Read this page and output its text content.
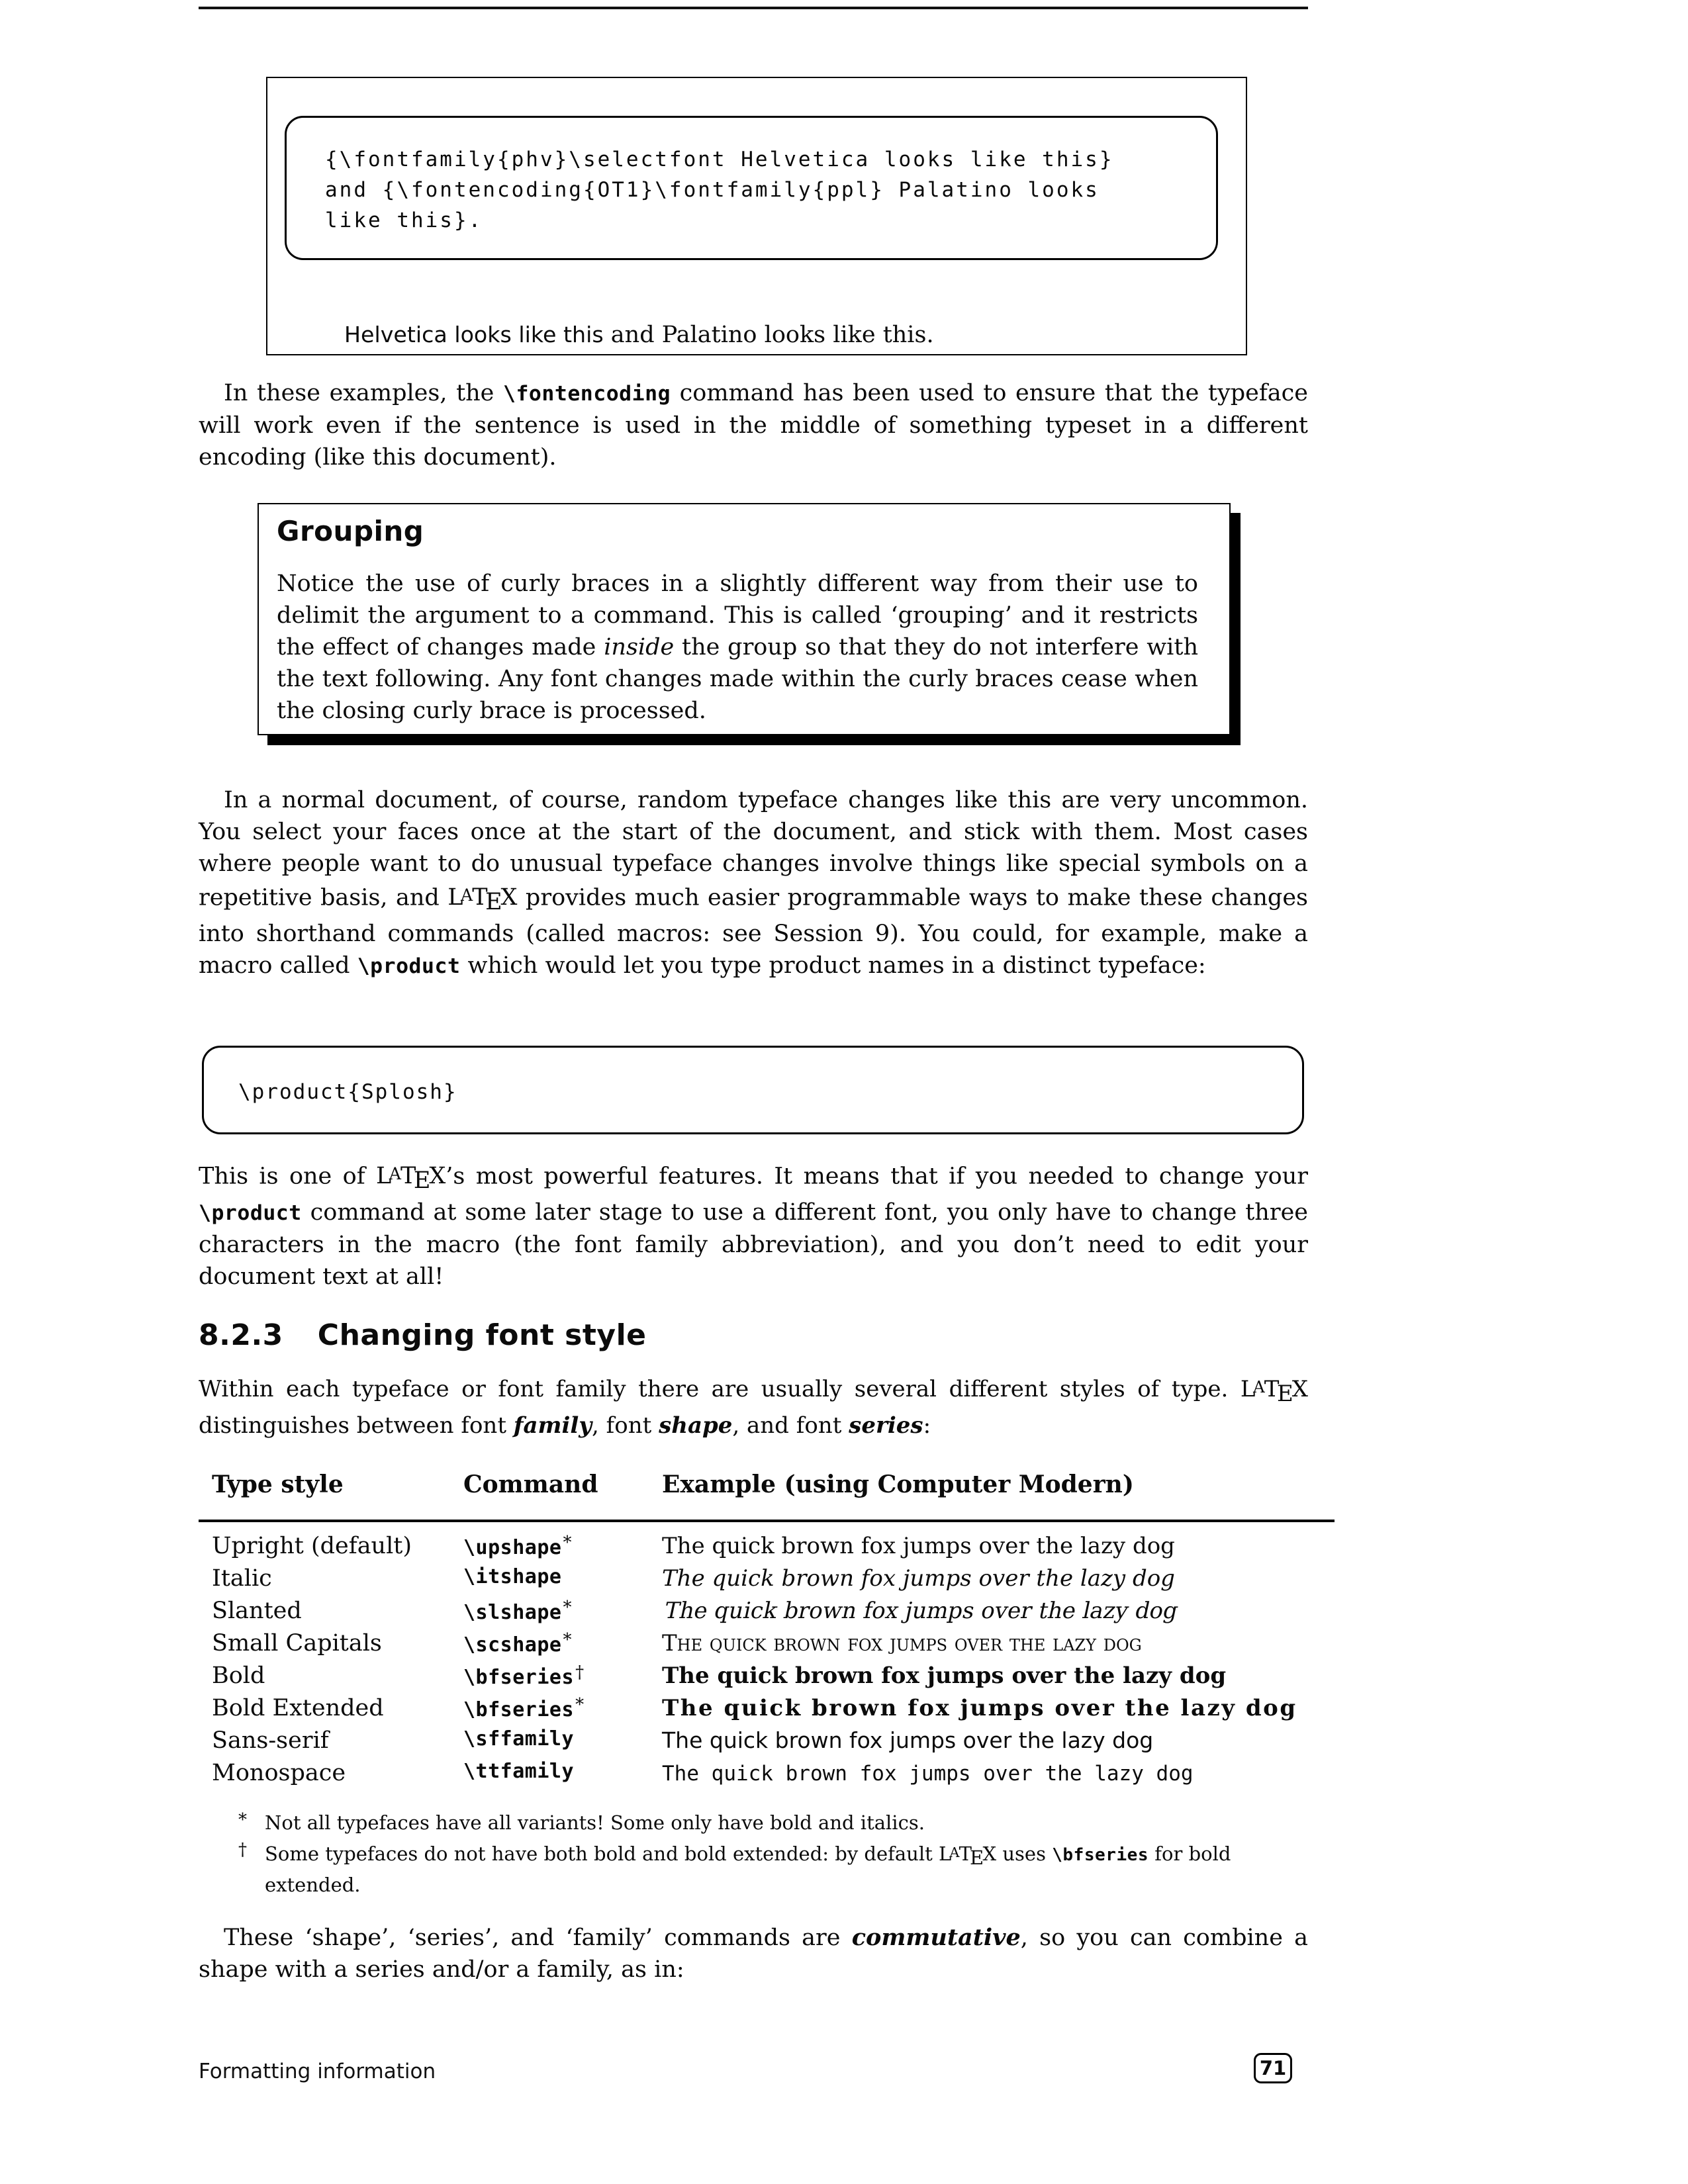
{\fontfamily{phv}\selectfont Helvetica looks like this}
and {\fontencoding{OT1}\fontfamily{ppl} Palatino looks
like this}.
Helvetica looks like this and Palatino looks like this.
In these examples, the \fontencoding command has been used to ensure that the typeface will work even if the sentence is used in the middle of something typeset in a different encoding (like this document).
Grouping
Notice the use of curly braces in a slightly different way from their use to delimit the argument to a command. This is called ‘grouping’ and it restricts the effect of changes made inside the group so that they do not interfere with the text following. Any font changes made within the curly braces cease when the closing curly brace is processed.
In a normal document, of course, random typeface changes like this are very uncommon. You select your faces once at the start of the document, and stick with them. Most cases where people want to do unusual typeface changes involve things like special symbols on a repetitive basis, and LATEX provides much easier programmable ways to make these changes into shorthand commands (called macros: see Session 9). You could, for example, make a macro called \product which would let you type product names in a distinct typeface:
\product{Splosh}
This is one of LATEX’s most powerful features. It means that if you needed to change your \product command at some later stage to use a different font, you only have to change three characters in the macro (the font family abbreviation), and you don’t need to edit your document text at all!
8.2.3 Changing font style
Within each typeface or font family there are usually several different styles of type. LATEX distinguishes between font family, font shape, and font series:
Type style	Command	Example (using Computer Modern)
Upright (default)	\upshape*	The quick brown fox jumps over the lazy dog
Italic	\itshape	The quick brown fox jumps over the lazy dog
Slanted	\slshape*	The quick brown fox jumps over the lazy dog
Small Capitals	\scshape*	The quick brown fox jumps over the lazy dog
Bold	\bfseries†	The quick brown fox jumps over the lazy dog
Bold Extended	\bfseries*	The quick brown fox jumps over the lazy dog
Sans-serif	\sffamily	The quick brown fox jumps over the lazy dog
Monospace	\ttfamily	The quick brown fox jumps over the lazy dog
* Not all typefaces have all variants! Some only have bold and italics.
† Some typefaces do not have both bold and bold extended: by default LATEX uses \bfseries for bold extended.
These ‘shape’, ‘series’, and ‘family’ commands are commutative, so you can combine a shape with a series and/or a family, as in:
Formatting information	71
